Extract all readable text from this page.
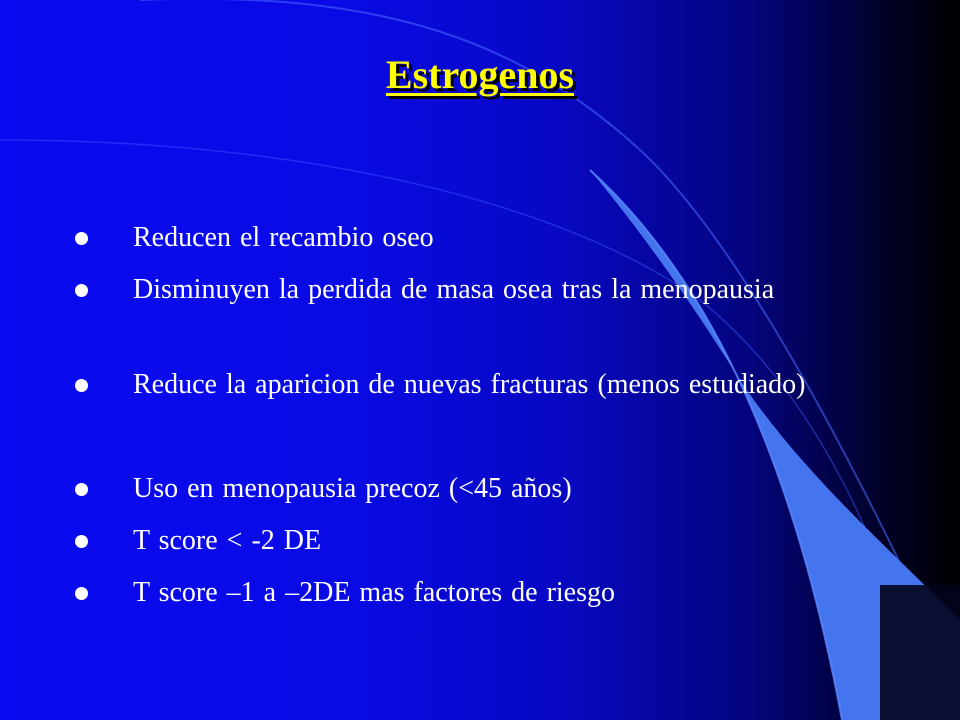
Estrogenos
Reducen el recambio oseo
Disminuyen la perdida de masa osea tras la menopausia
Reduce la aparicion de nuevas fracturas (menos estudiado)
Uso en menopausia precoz (<45 años)
T score < -2 DE
T score –1 a –2DE mas factores de riesgo
